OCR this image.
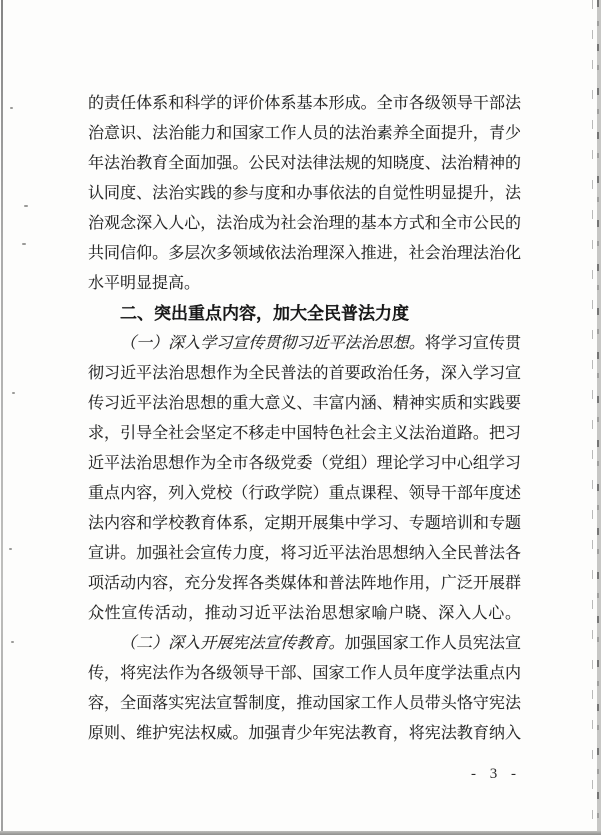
的责任体系和科学的评价体系基本形成。全市各级领导干部法
治意识、法治能力和国家工作人员的法治素养全面提升，青少
年法治教育全面加强。公民对法律法规的知晓度、法治精神的
认同度、法治实践的参与度和办事依法的自觉性明显提升，法
治观念深入人心，法治成为社会治理的基本方式和全市公民的
共同信仰。多层次多领域依法治理深入推进，社会治理法治化
水平明显提高。
二、突出重点内容，加大全民普法力度
（一）深入学习宣传贯彻习近平法治思想。将学习宣传贯
彻习近平法治思想作为全民普法的首要政治任务，深入学习宣
传习近平法治思想的重大意义、丰富内涵、精神实质和实践要
求，引导全社会坚定不移走中国特色社会主义法治道路。把习
近平法治思想作为全市各级党委（党组）理论学习中心组学习
重点内容，列入党校（行政学院）重点课程、领导干部年度述
法内容和学校教育体系，定期开展集中学习、专题培训和专题
宣讲。加强社会宣传力度，将习近平法治思想纳入全民普法各
项活动内容，充分发挥各类媒体和普法阵地作用，广泛开展群
众性宣传活动，推动习近平法治思想家喻户晓、深入人心。
（二）深入开展宪法宣传教育。加强国家工作人员宪法宣
传，将宪法作为各级领导干部、国家工作人员年度学法重点内
容，全面落实宪法宣誓制度，推动国家工作人员带头恪守宪法
原则、维护宪法权威。加强青少年宪法教育，将宪法教育纳入
- 3 -
